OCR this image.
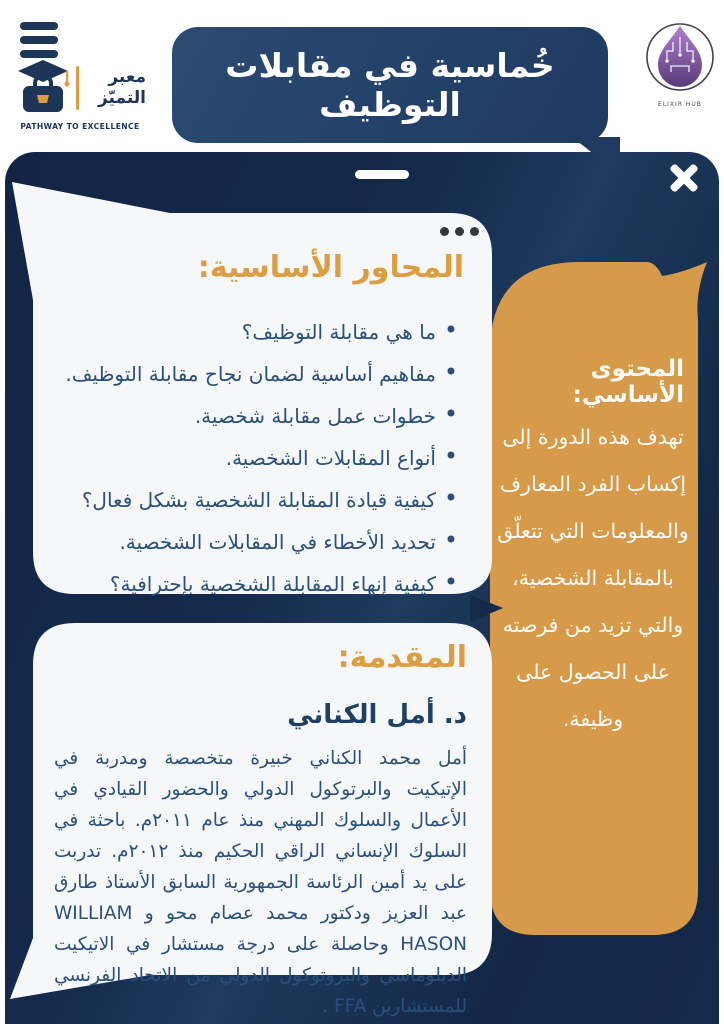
معبر التميّز
PATHWAY TO EXCELLENCE
خُماسية في مقابلات التوظيف	ELIXIR HUB
المحاور الأساسية:
• ما هي مقابلة التوظيف؟
• مفاهيم أساسية لضمان نجاح مقابلة التوظيف.
• خطوات عمل مقابلة شخصية.
• أنواع المقابلات الشخصية.
• كيفية قيادة المقابلة الشخصية بشكل فعال؟
• تحديد الأخطاء في المقابلات الشخصية.
• كيفية إنهاء المقابلة الشخصية بإحترافية؟
المحتوى الأساسي:
تهدف هذه الدورة إلى إكساب الفرد المعارف والمعلومات التي تتعلّق بالمقابلة الشخصية، والتي تزيد من فرصته على الحصول على وظيفة.
المقدمة:
د. أمل الكناني
أمل محمد الكناني خبيرة متخصصة ومدربة في الإتيكيت والبرتوكول الدولي والحضور القيادي في الأعمال والسلوك المهني منذ عام ٢٠١١م. باحثة في السلوك الإنساني الراقي الحكيم منذ ٢٠١٢م. تدربت على يد أمين الرئاسة الجمهورية السابق الأستاذ طارق عبد العزيز ودكتور محمد عصام محو و WILLIAM HASON وحاصلة على درجة مستشار في الاتيكيت الدبلوماسي والبروتوكول الدولي من الاتحاد الفرنسي للمستشارين FFA .
